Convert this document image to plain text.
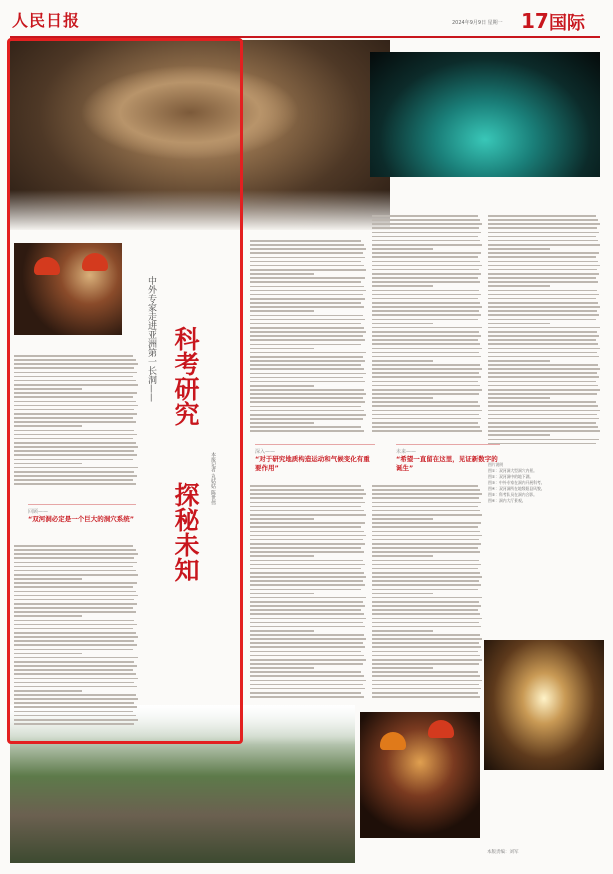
人民日报	2024年9月9日 星期一 17 国际
中外专家走进亚洲第一长洞—— 科考研究
探秘未知
本报记者 丸姑姑 陈世伟
回顾——
“双河洞必定是一个巨大的洞穴系统”
深入——
“对于研究地质构造运动和气候变化有重要作用”
未来——
“希望一直留在这里，见证新数字的诞生”	图片说明
图①：双河洞大型洞穴内景。
图②：双河洞中的地下湖。
图③：中外专家在洞内开展科考。
图④：双河洞所在地绥阳县风貌。
图⑤：科考队员在洞内合影。
图⑥：洞内大厅景观。
本版责编：刘军
